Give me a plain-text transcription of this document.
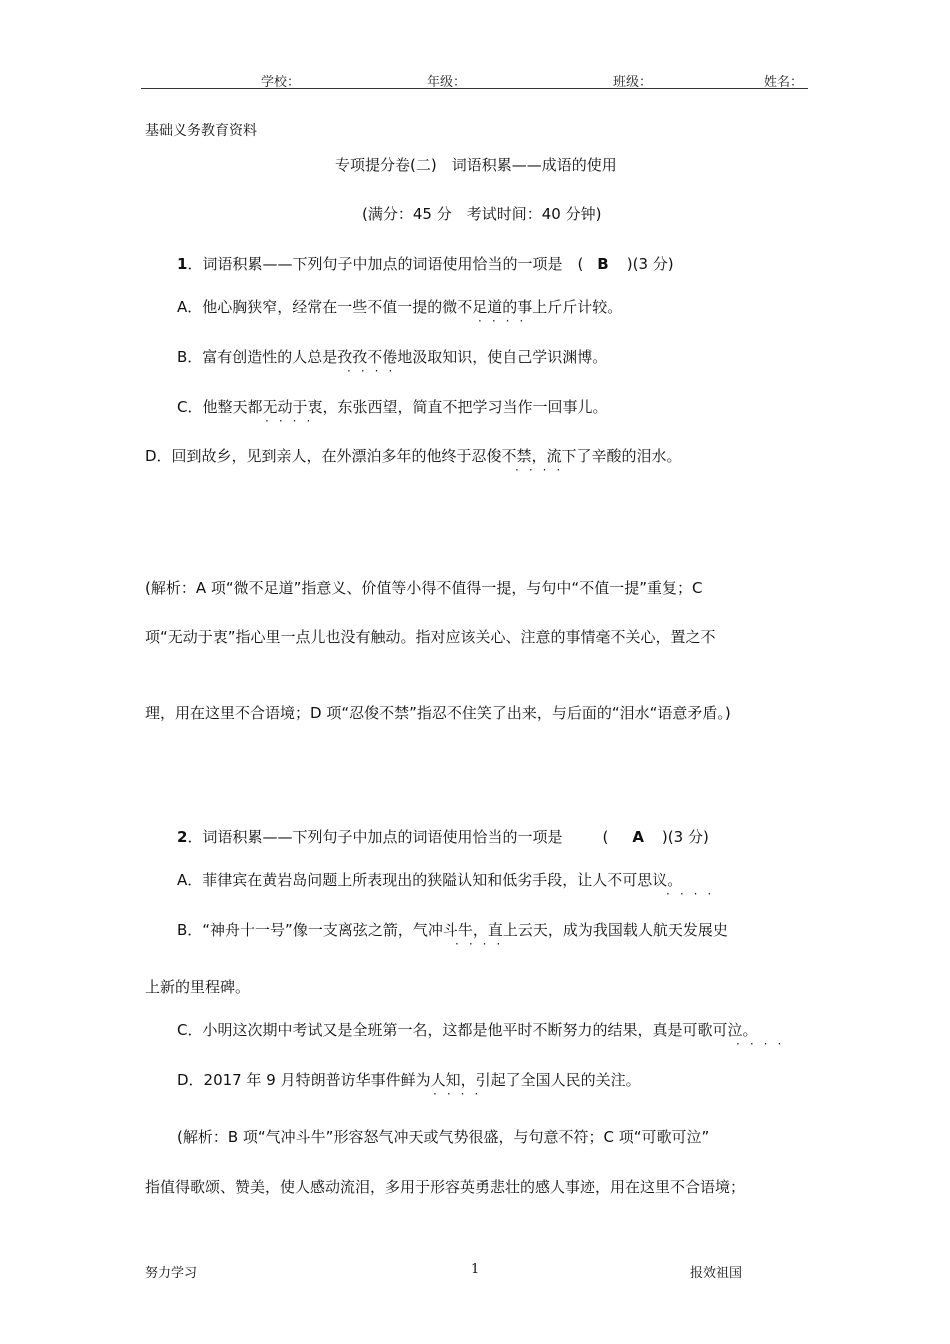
学校：	年级：	班级：	姓名：
基础义务教育资料
专项提分卷(二)　词语积累——成语的使用
(满分：45 分　考试时间：40 分钟)
1．词语积累——下列句子中加点的词语使用恰当的一项是　( B )(3 分)
A．他心胸狭窄，经常在一些不值一提的微不足道的事上斤斤计较。
····
B．富有创造性的人总是孜孜不倦地汲取知识，使自己学识渊博。
····
C．他整天都无动于衷，东张西望，简直不把学习当作一回事儿。
····
D．回到故乡，见到亲人，在外漂泊多年的他终于忍俊不禁，流下了辛酸的泪水。
····
(解析：A 项“微不足道”指意义、价值等小得不值得一提，与句中“不值一提”重复；C
项“无动于衷”指心里一点儿也没有触动。指对应该关心、注意的事情毫不关心，置之不
理，用在这里不合语境；D 项“忍俊不禁”指忍不住笑了出来，与后面的“泪水“语意矛盾。)
2．词语积累——下列句子中加点的词语使用恰当的一项是	( A )(3 分)
A．菲律宾在黄岩岛问题上所表现出的狭隘认知和低劣手段，让人不可思议。
····
B．“神舟十一号”像一支离弦之箭，气冲斗牛，直上云天，成为我国载人航天发展史
····
上新的里程碑。
C．小明这次期中考试又是全班第一名，这都是他平时不断努力的结果，真是可歌可泣。
····
D．2017 年 9 月特朗普访华事件鲜为人知，引起了全国人民的关注。
····
(解析：B 项“气冲斗牛”形容怒气冲天或气势很盛，与句意不符；C 项“可歌可泣”
指值得歌颂、赞美，使人感动流泪，多用于形容英勇悲壮的感人事迹，用在这里不合语境；
努力学习	1	报效祖国
